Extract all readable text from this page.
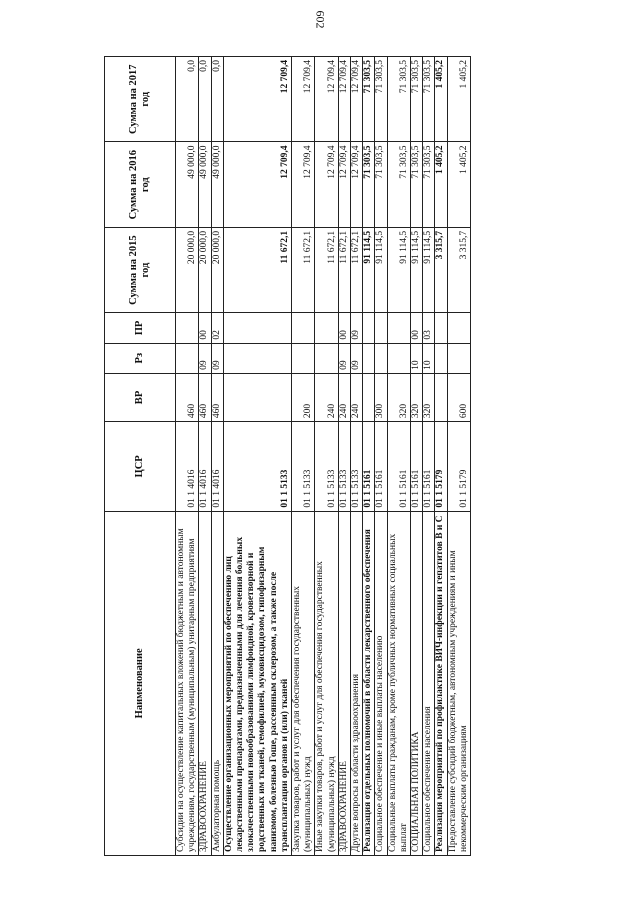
602
Наименование	ЦСР	ВР	Рз	ПР	Сумма на 2015 год	Сумма на 2016 год	Сумма на 2017 год
Субсидии на осуществление капитальных вложений бюджетным и автономным учреждениям, государственным (муниципальным) унитарным предприятиям	01 1 4016	460			20 000,0	49 000,0	0,0
ЗДРАВООХРАНЕНИЕ	01 1 4016	460	09	00	20 000,0	49 000,0	0,0
Амбулаторная помощь	01 1 4016	460	09	02	20 000,0	49 000,0	0,0
Осуществление организационных мероприятий по обеспечению лиц лекарственными препаратами, предназначенными для лечения больных злокачественными новообразованиями лимфоидной, кроветворной и родственных им тканей, гемофилией, муковисцидозом, гипофизарным нанизмом, болезнью Гоше, рассеянным склерозом, а также после трансплантации органов и (или) тканей	01 1 5133				11 672,1	12 709,4	12 709,4
Закупка товаров, работ и услуг для обеспечения государственных (муниципальных) нужд	01 1 5133	200			11 672,1	12 709,4	12 709,4
Иные закупки товаров, работ и услуг для обеспечения государственных (муниципальных) нужд	01 1 5133	240			11 672,1	12 709,4	12 709,4
ЗДРАВООХРАНЕНИЕ	01 1 5133	240	09	00	11 672,1	12 709,4	12 709,4
Другие вопросы в области здравоохранения	01 1 5133	240	09	09	11 672,1	12 709,4	12 709,4
Реализация отдельных полномочий в области лекарственного обеспечения	01 1 5161				91 114,5	71 303,5	71 303,5
Социальное обеспечение и иные выплаты населению	01 1 5161	300			91 114,5	71 303,5	71 303,5
Социальные выплаты гражданам, кроме публичных нормативных социальных выплат	01 1 5161	320			91 114,5	71 303,5	71 303,5
СОЦИАЛЬНАЯ ПОЛИТИКА	01 1 5161	320	10	00	91 114,5	71 303,5	71 303,5
Социальное обеспечение населения	01 1 5161	320	10	03	91 114,5	71 303,5	71 303,5
Реализация мероприятий по профилактике ВИЧ-инфекции и гепатитов B и C	01 1 5179				3 315,7	1 405,2	1 405,2
Предоставление субсидий бюджетным, автономным учреждениям и иным некоммерческим организациям	01 1 5179	600			3 315,7	1 405,2	1 405,2
